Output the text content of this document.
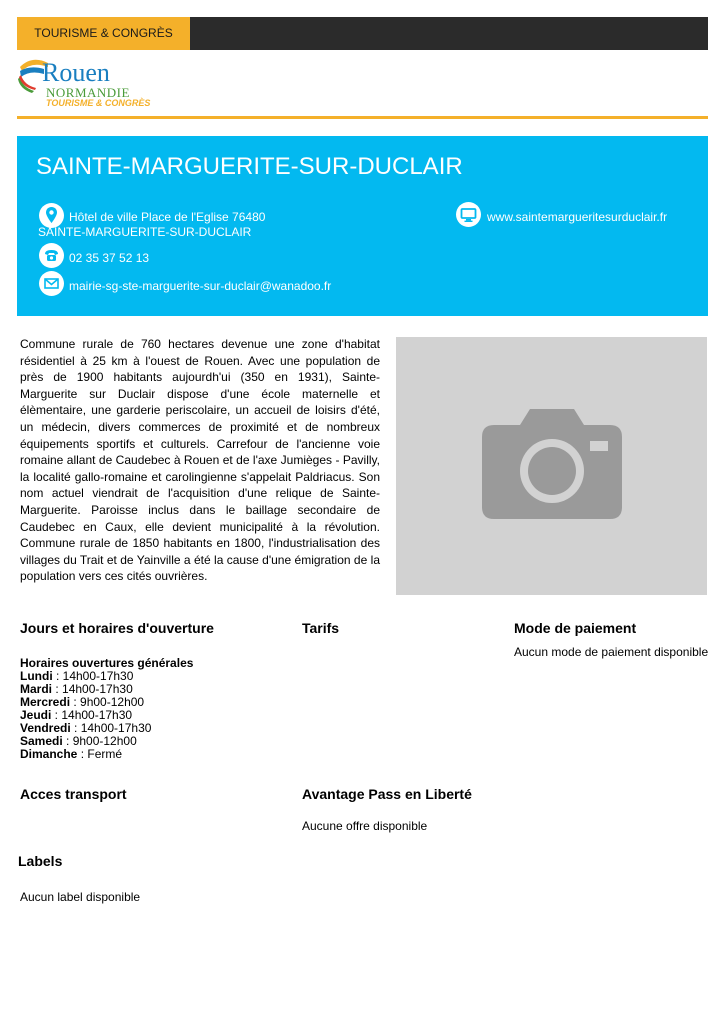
TOURISME & CONGRÈS
Rouen
NORMANDIE
TOURISME & CONGRÈS
SAINTE-MARGUERITE-SUR-DUCLAIR
Hôtel de ville Place de l'Eglise 76480
SAINTE-MARGUERITE-SUR-DUCLAIR
02 35 37 52 13
mairie-sg-ste-marguerite-sur-duclair@wanadoo.fr
www.saintemargueritesurduclair.fr
Commune rurale de 760 hectares devenue une zone d'habitat résidentiel à 25 km à l'ouest de Rouen. Avec une population de près de 1900 habitants aujourdh'ui (350 en 1931), Sainte-Marguerite sur Duclair dispose d'une école maternelle et élèmentaire, une garderie periscolaire, un accueil de loisirs d'été, un médecin, divers commerces de proximité et de nombreux équipements sportifs et culturels. Carrefour de l'ancienne voie romaine allant de Caudebec à Rouen et de l'axe Jumièges - Pavilly, la localité gallo-romaine et carolingienne s'appelait Paldriacus. Son nom actuel viendrait de l'acquisition d'une relique de Sainte-Marguerite. Paroisse inclus dans le baillage secondaire de Caudebec en Caux, elle devient municipalité à la révolution. Commune rurale de 1850 habitants en 1800, l'industrialisation des villages du Trait et de Yainville a été la cause d'une émigration de la population vers ces cités ouvrières.
Jours et horaires d'ouverture	Tarifs	Mode de paiement
Aucun mode de paiement disponible
Horaires ouvertures générales
Lundi : 14h00-17h30
Mardi : 14h00-17h30
Mercredi : 9h00-12h00
Jeudi : 14h00-17h30
Vendredi : 14h00-17h30
Samedi : 9h00-12h00
Dimanche : Fermé
Acces transport	Avantage Pass en Liberté
Aucune offre disponible
Labels
Aucun label disponible
